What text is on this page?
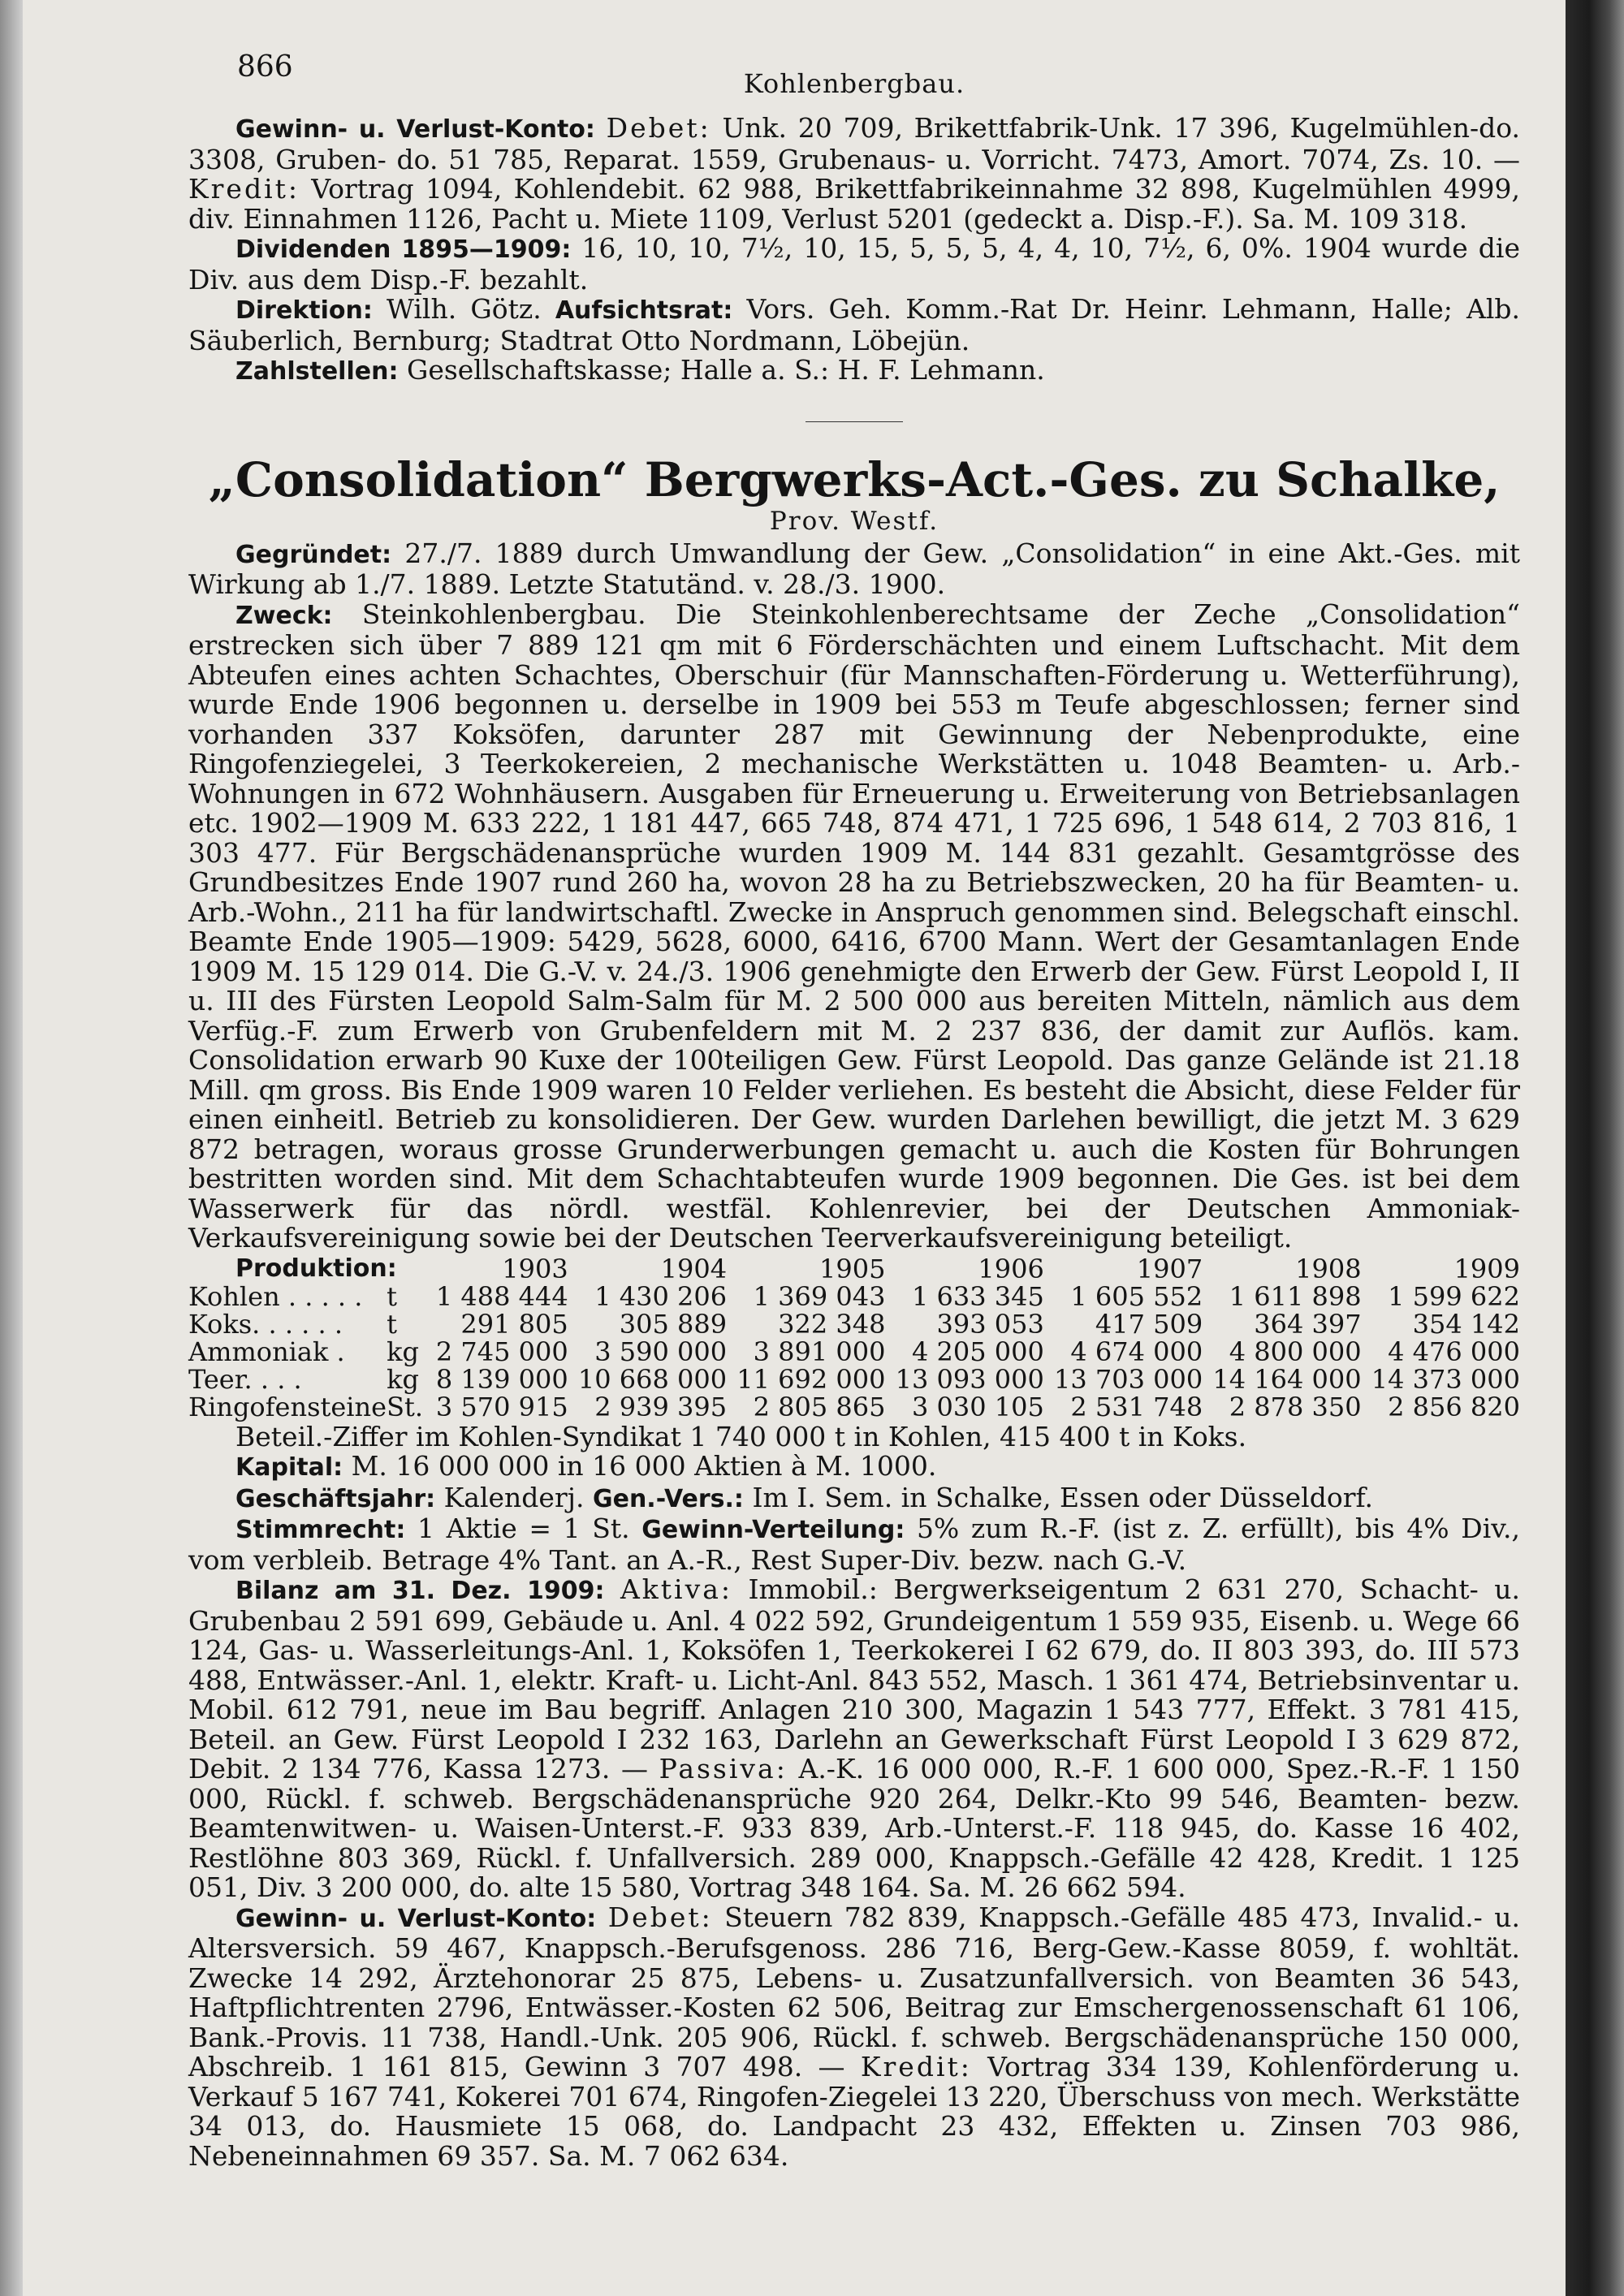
866	Kohlenbergbau.

Gewinn- u. Verlust-Konto: Debet: Unk. 20 709, Brikettfabrik-Unk. 17 396, Kugelmühlen-do. 3308, Gruben- do. 51 785, Reparat. 1559, Grubenaus- u. Vorricht. 7473, Amort. 7074, Zs. 10. — Kredit: Vortrag 1094, Kohlendebit. 62 988, Brikettfabrikeinnahme 32 898, Kugelmühlen 4999, div. Einnahmen 1126, Pacht u. Miete 1109, Verlust 5201 (gedeckt a. Disp.-F.). Sa. M. 109 318.

Dividenden 1895—1909: 16, 10, 10, 7½, 10, 15, 5, 5, 5, 4, 4, 10, 7½, 6, 0%. 1904 wurde die Div. aus dem Disp.-F. bezahlt.

Direktion: Wilh. Götz. Aufsichtsrat: Vors. Geh. Komm.-Rat Dr. Heinr. Lehmann, Halle; Alb. Säuberlich, Bernburg; Stadtrat Otto Nordmann, Löbejün.

Zahlstellen: Gesellschaftskasse; Halle a. S.: H. F. Lehmann.

„Consolidation“ Bergwerks-Act.-Ges. zu Schalke,
Prov. Westf.

Gegründet: 27./7. 1889 durch Umwandlung der Gew. „Consolidation“ in eine Akt.-Ges. mit Wirkung ab 1./7. 1889. Letzte Statutänd. v. 28./3. 1900.

Zweck: Steinkohlenbergbau. Die Steinkohlenberechtsame der Zeche „Consolidation“ erstrecken sich über 7 889 121 qm mit 6 Förderschächten und einem Luftschacht. Mit dem Abteufen eines achten Schachtes, Oberschuir (für Mannschaften-Förderung u. Wetterführung), wurde Ende 1906 begonnen u. derselbe in 1909 bei 553 m Teufe abgeschlossen; ferner sind vorhanden 337 Koksöfen, darunter 287 mit Gewinnung der Nebenprodukte, eine Ringofenziegelei, 3 Teerkokereien, 2 mechanische Werkstätten u. 1048 Beamten- u. Arb.-Wohnungen in 672 Wohnhäusern. Ausgaben für Erneuerung u. Erweiterung von Betriebsanlagen etc. 1902—1909 M. 633 222, 1 181 447, 665 748, 874 471, 1 725 696, 1 548 614, 2 703 816, 1 303 477. Für Bergschädenansprüche wurden 1909 M. 144 831 gezahlt. Gesamtgrösse des Grundbesitzes Ende 1907 rund 260 ha, wovon 28 ha zu Betriebszwecken, 20 ha für Beamten- u. Arb.-Wohn., 211 ha für landwirtschaftl. Zwecke in Anspruch genommen sind. Belegschaft einschl. Beamte Ende 1905—1909: 5429, 5628, 6000, 6416, 6700 Mann. Wert der Gesamtanlagen Ende 1909 M. 15 129 014. Die G.-V. v. 24./3. 1906 genehmigte den Erwerb der Gew. Fürst Leopold I, II u. III des Fürsten Leopold Salm-Salm für M. 2 500 000 aus bereiten Mitteln, nämlich aus dem Verfüg.-F. zum Erwerb von Grubenfeldern mit M. 2 237 836, der damit zur Auflös. kam. Consolidation erwarb 90 Kuxe der 100teiligen Gew. Fürst Leopold. Das ganze Gelände ist 21.18 Mill. qm gross. Bis Ende 1909 waren 10 Felder verliehen. Es besteht die Absicht, diese Felder für einen einheitl. Betrieb zu konsolidieren. Der Gew. wurden Darlehen bewilligt, die jetzt M. 3 629 872 betragen, woraus grosse Grunderwerbungen gemacht u. auch die Kosten für Bohrungen bestritten worden sind. Mit dem Schachtabteufen wurde 1909 begonnen. Die Ges. ist bei dem Wasserwerk für das nördl. westfäl. Kohlenrevier, bei der Deutschen Ammoniak-Verkaufsvereinigung sowie bei der Deutschen Teerverkaufsvereinigung beteiligt.

Produktion:		1903	1904	1905	1906	1907	1908	1909
Kohlen . . . . .	t	1 488 444	1 430 206	1 369 043	1 633 345	1 605 552	1 611 898	1 599 622
Koks. . . . . .	t	291 805	305 889	322 348	393 053	417 509	364 397	354 142
Ammoniak .	kg	2 745 000	3 590 000	3 891 000	4 205 000	4 674 000	4 800 000	4 476 000
Teer. . . .	kg	8 139 000	10 668 000	11 692 000	13 093 000	13 703 000	14 164 000	14 373 000
Ringofensteine	St.	3 570 915	2 939 395	2 805 865	3 030 105	2 531 748	2 878 350	2 856 820

Beteil.-Ziffer im Kohlen-Syndikat 1 740 000 t in Kohlen, 415 400 t in Koks.

Kapital: M. 16 000 000 in 16 000 Aktien à M. 1000.

Geschäftsjahr: Kalenderj. Gen.-Vers.: Im I. Sem. in Schalke, Essen oder Düsseldorf.

Stimmrecht: 1 Aktie = 1 St. Gewinn-Verteilung: 5% zum R.-F. (ist z. Z. erfüllt), bis 4% Div., vom verbleib. Betrage 4% Tant. an A.-R., Rest Super-Div. bezw. nach G.-V.

Bilanz am 31. Dez. 1909: Aktiva: Immobil.: Bergwerkseigentum 2 631 270, Schacht- u. Grubenbau 2 591 699, Gebäude u. Anl. 4 022 592, Grundeigentum 1 559 935, Eisenb. u. Wege 66 124, Gas- u. Wasserleitungs-Anl. 1, Koksöfen 1, Teerkokerei I 62 679, do. II 803 393, do. III 573 488, Entwässer.-Anl. 1, elektr. Kraft- u. Licht-Anl. 843 552, Masch. 1 361 474, Betriebsinventar u. Mobil. 612 791, neue im Bau begriff. Anlagen 210 300, Magazin 1 543 777, Effekt. 3 781 415, Beteil. an Gew. Fürst Leopold I 232 163, Darlehn an Gewerkschaft Fürst Leopold I 3 629 872, Debit. 2 134 776, Kassa 1273. — Passiva: A.-K. 16 000 000, R.-F. 1 600 000, Spez.-R.-F. 1 150 000, Rückl. f. schweb. Bergschädenansprüche 920 264, Delkr.-Kto 99 546, Beamten- bezw. Beamtenwitwen- u. Waisen-Unterst.-F. 933 839, Arb.-Unterst.-F. 118 945, do. Kasse 16 402, Restlöhne 803 369, Rückl. f. Unfallversich. 289 000, Knappsch.-Gefälle 42 428, Kredit. 1 125 051, Div. 3 200 000, do. alte 15 580, Vortrag 348 164. Sa. M. 26 662 594.

Gewinn- u. Verlust-Konto: Debet: Steuern 782 839, Knappsch.-Gefälle 485 473, Invalid.- u. Altersversich. 59 467, Knappsch.-Berufsgenoss. 286 716, Berg-Gew.-Kasse 8059, f. wohltät. Zwecke 14 292, Ärztehonorar 25 875, Lebens- u. Zusatzunfallversich. von Beamten 36 543, Haftpflichtrenten 2796, Entwässer.-Kosten 62 506, Beitrag zur Emschergenossenschaft 61 106, Bank.-Provis. 11 738, Handl.-Unk. 205 906, Rückl. f. schweb. Bergschädenansprüche 150 000, Abschreib. 1 161 815, Gewinn 3 707 498. — Kredit: Vortrag 334 139, Kohlenförderung u. Verkauf 5 167 741, Kokerei 701 674, Ringofen-Ziegelei 13 220, Überschuss von mech. Werkstätte 34 013, do. Hausmiete 15 068, do. Landpacht 23 432, Effekten u. Zinsen 703 986, Nebeneinnahmen 69 357. Sa. M. 7 062 634.
